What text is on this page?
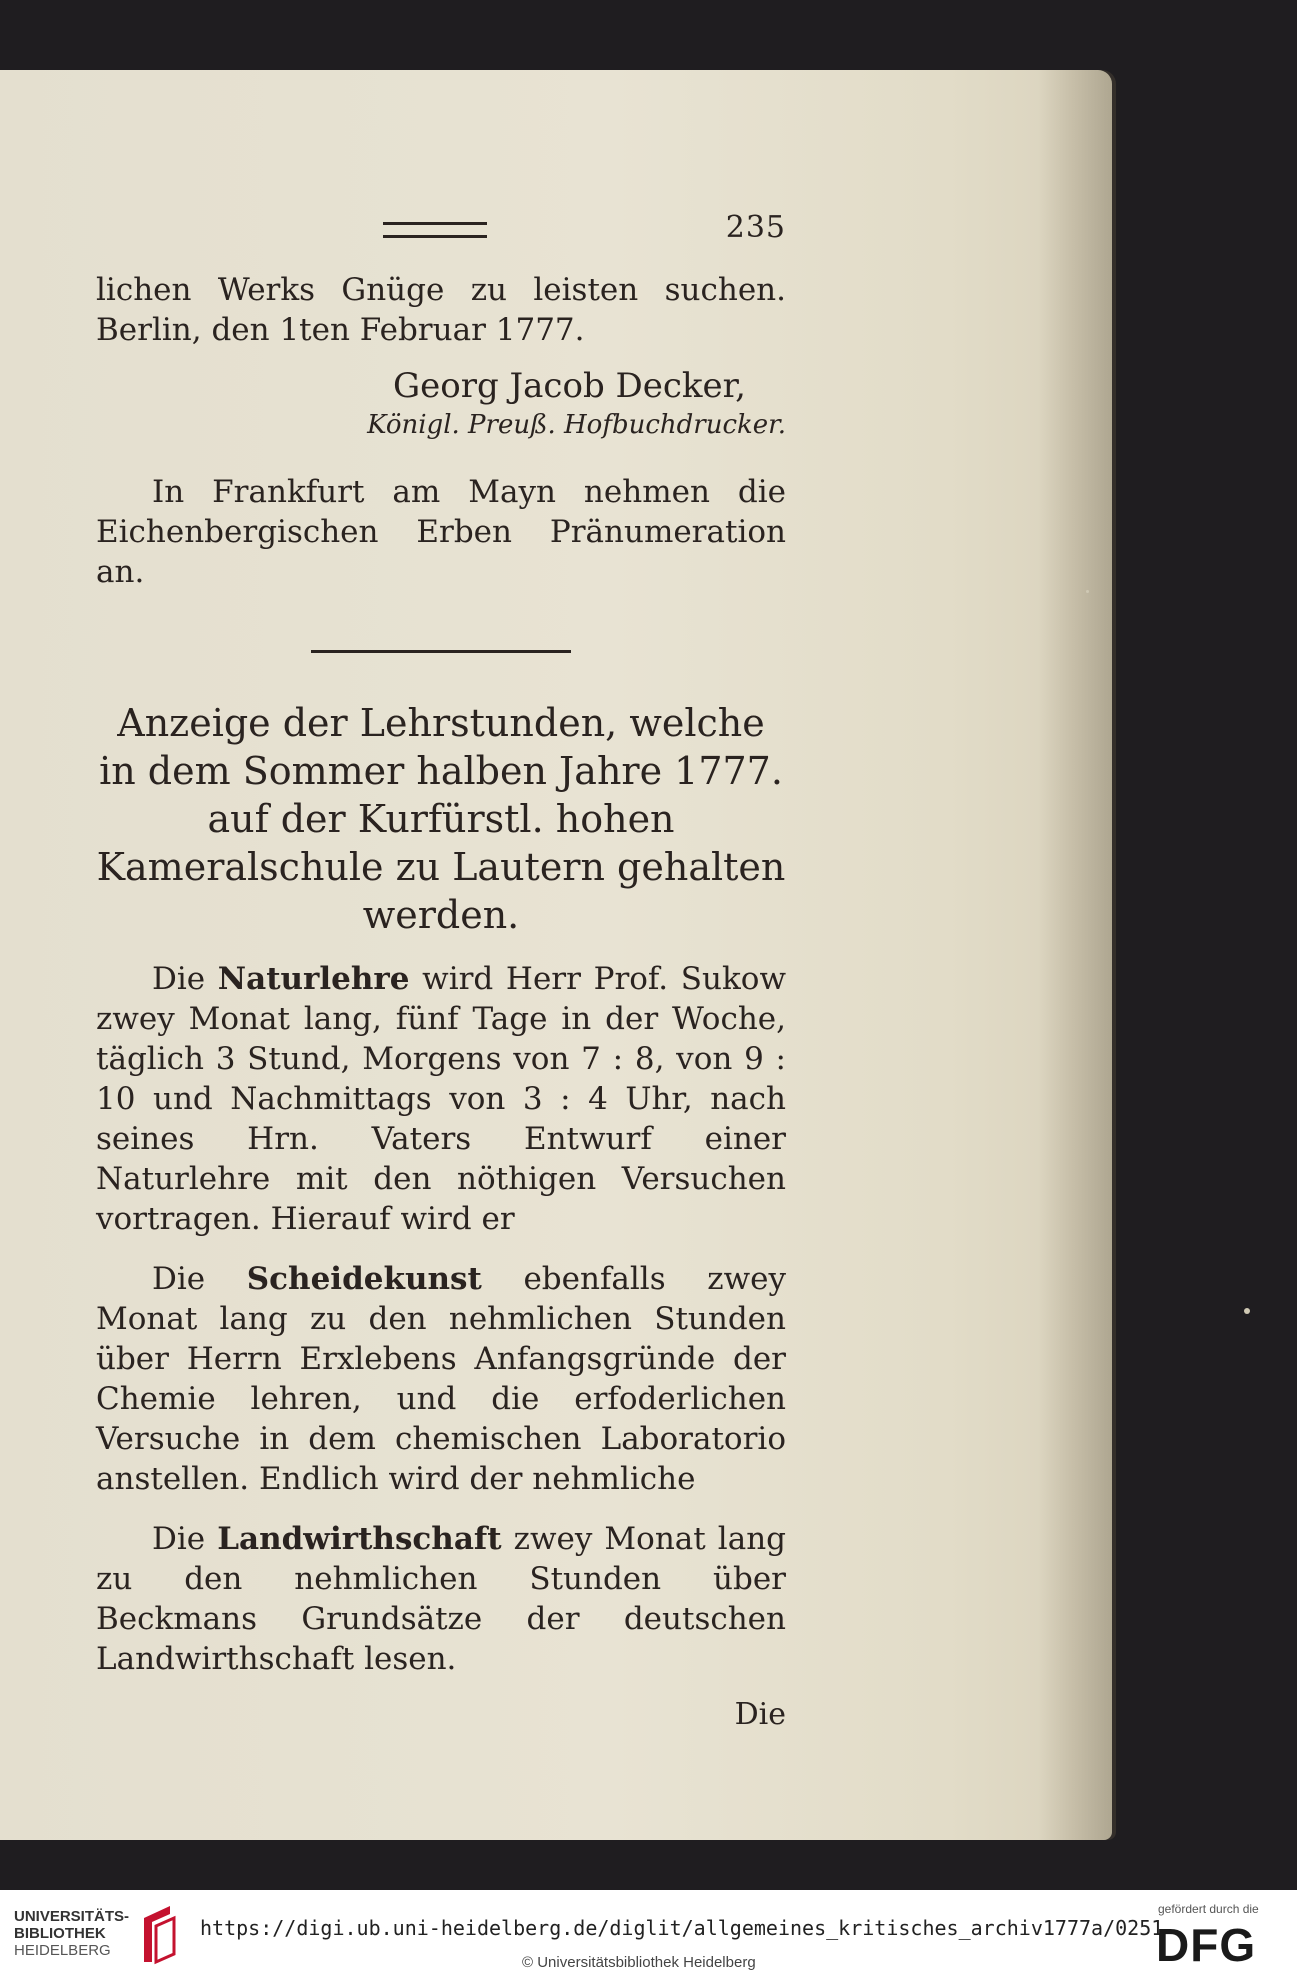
235

lichen Werks Gnüge zu leisten suchen. Berlin, den 1ten Februar 1777.

Georg Jacob Decker,

Königl. Preuß. Hofbuchdrucker.

In Frankfurt am Mayn nehmen die Eichenbergischen Erben Pränumeration an.

Anzeige der Lehrstunden, welche in dem Sommer halben Jahre 1777. auf der Kurfürstl. hohen Kameralschule zu Lautern gehalten werden.

Die Naturlehre wird Herr Prof. Sukow zwey Monat lang, fünf Tage in der Woche, täglich 3 Stund, Morgens von 7 : 8, von 9 : 10 und Nachmittags von 3 : 4 Uhr, nach seines Hrn. Vaters Entwurf einer Naturlehre mit den nöthigen Versuchen vortragen. Hierauf wird er

Die Scheidekunst ebenfalls zwey Monat lang zu den nehmlichen Stunden über Herrn Erxlebens Anfangsgründe der Chemie lehren, und die erfoderlichen Versuche in dem chemischen Laboratorio anstellen. Endlich wird der nehmliche

Die Landwirthschaft zwey Monat lang zu den nehmlichen Stunden über Beckmans Grundsätze der deutschen Landwirthschaft lesen.

Die
UNIVERSITÄTS-
BIBLIOTHEK
HEIDELBERG
https://digi.ub.uni-heidelberg.de/diglit/allgemeines_kritisches_archiv1777a/0251
© Universitätsbibliothek Heidelberg
gefördert durch die
DFG
